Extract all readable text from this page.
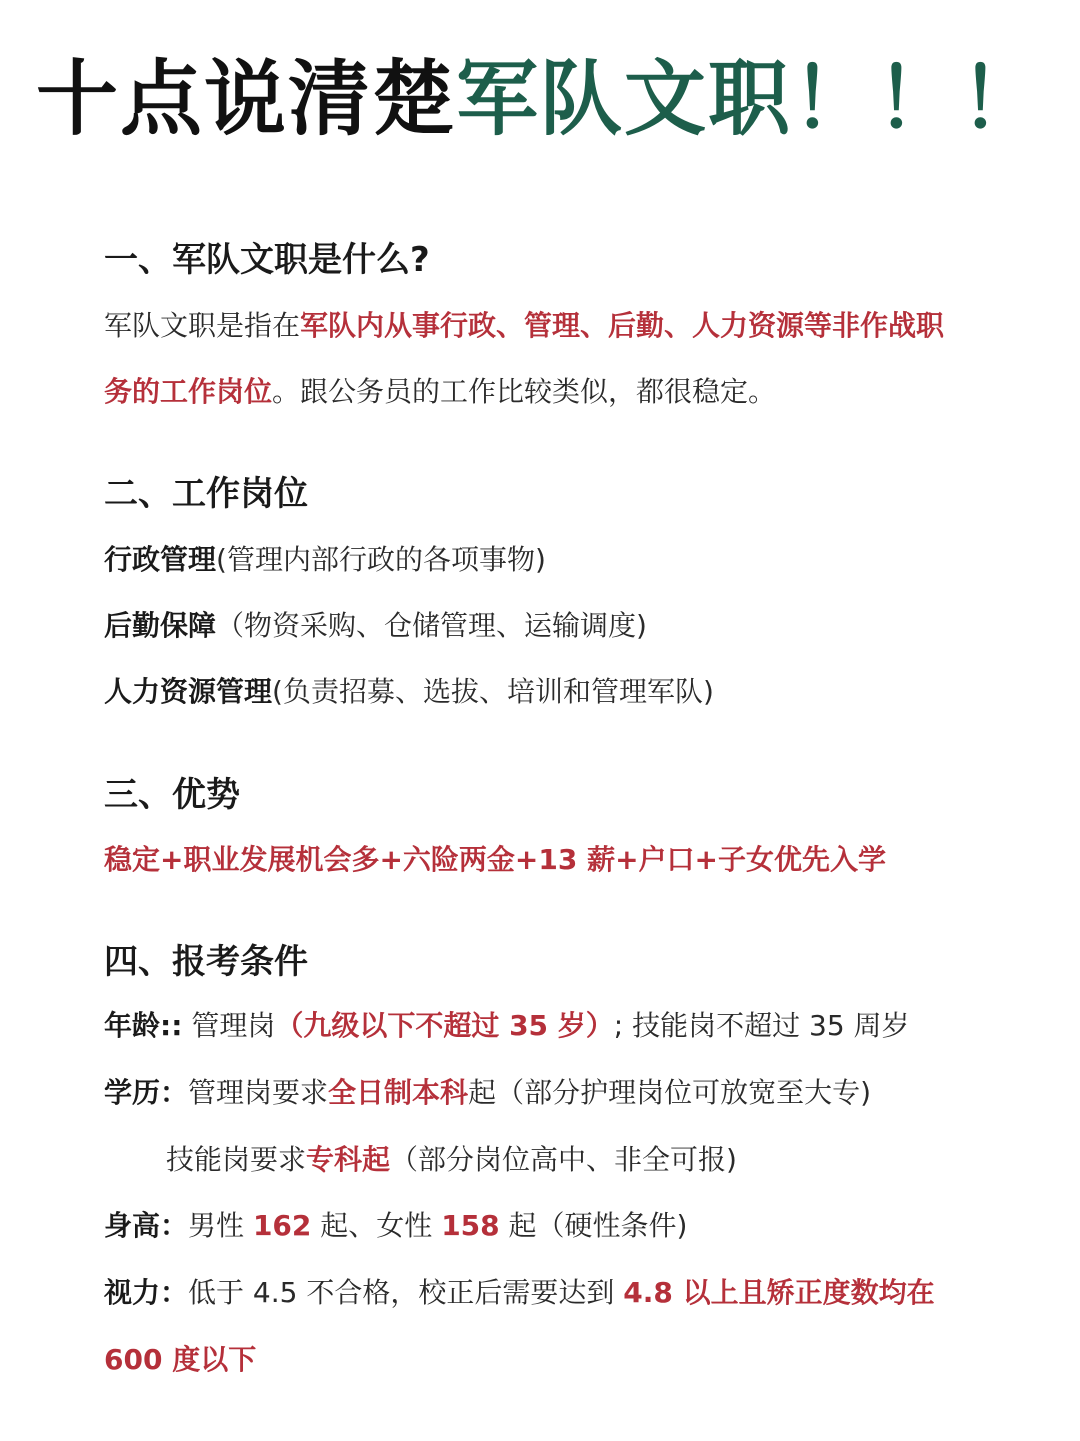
十点说清楚军队文职！！！
一、军队文职是什么?
军队文职是指在军队内从事行政、管理、后勤、人力资源等非作战职
务的工作岗位。跟公务员的工作比较类似，都很稳定。
二、工作岗位
行政管理(管理内部行政的各项事物)
后勤保障（物资采购、仓储管理、运输调度)
人力资源管理(负责招募、选拔、培训和管理军队)
三、优势
稳定+职业发展机会多+六险两金+13 薪+户口+子女优先入学
四、报考条件
年龄:: 管理岗（九级以下不超过 35 岁）; 技能岗不超过 35 周岁
学历：管理岗要求全日制本科起（部分护理岗位可放宽至大专)
技能岗要求专科起（部分岗位高中、非全可报)
身高：男性 162 起、女性 158 起（硬性条件)
视力：低于 4.5 不合格，校正后需要达到 4.8 以上且矫正度数均在
600 度以下
